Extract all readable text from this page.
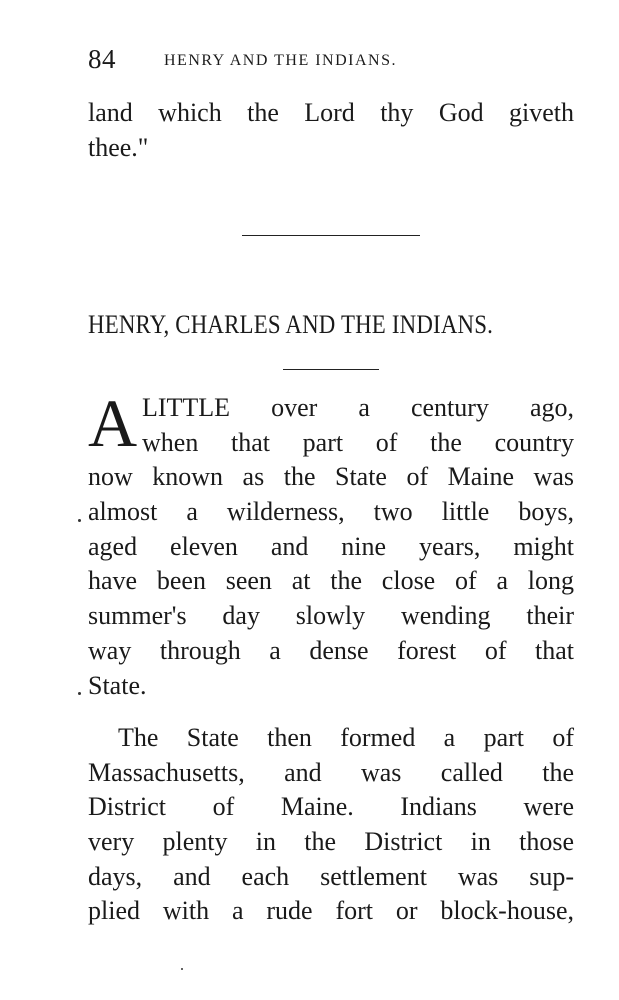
84	HENRY AND THE INDIANS.
land which the Lord thy God giveth
thee."
HENRY, CHARLES AND THE INDIANS.
A LITTLE over a century ago,
when that part of the country
now known as the State of Maine was
almost a wilderness, two little boys,
aged eleven and nine years, might
have been seen at the close of a long
summer's day slowly wending their
way through a dense forest of that
State.
The State then formed a part of
Massachusetts, and was called the
District of Maine. Indians were
very plenty in the District in those
days, and each settlement was sup-
plied with a rude fort or block-house,
